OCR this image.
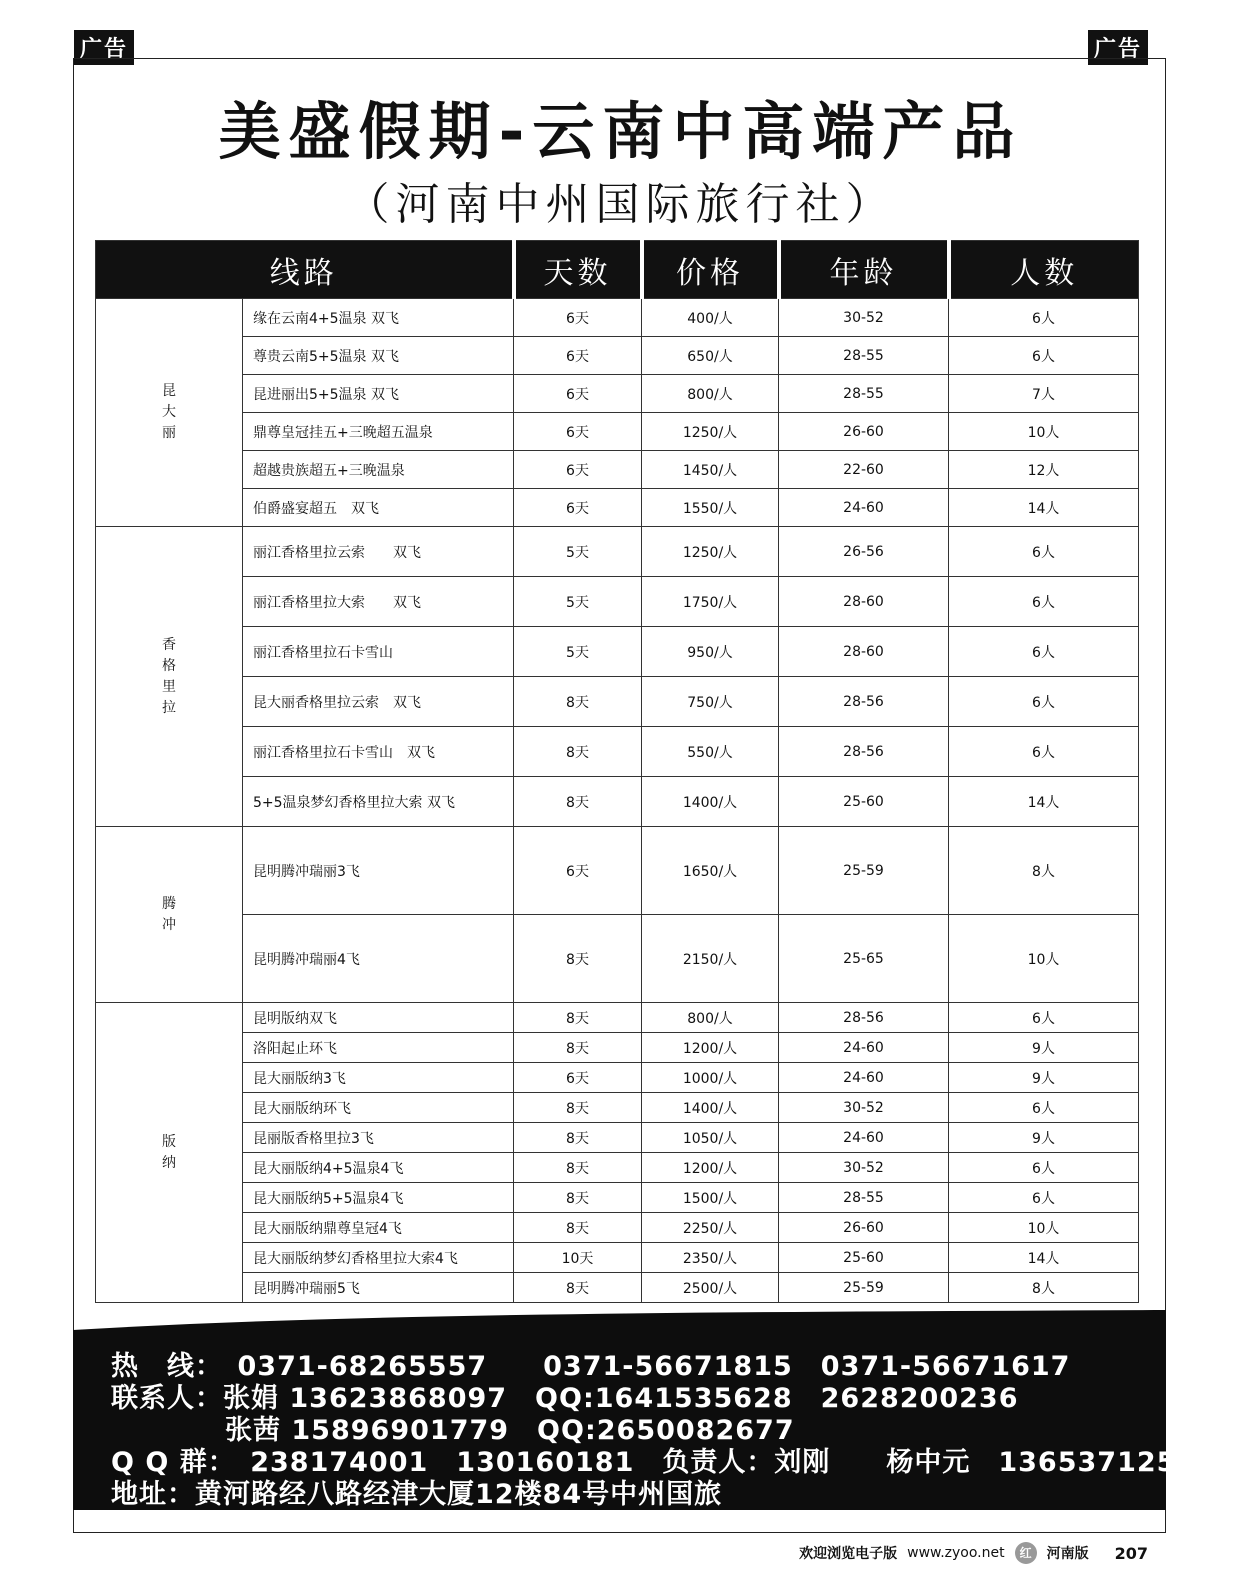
广告	广告
美盛假期-云南中高端产品
（河南中州国际旅行社）
线路		天数	价格	年龄	人数
昆大丽	缘在云南4+5温泉 双飞	6天	400/人	30-52	6人
	尊贵云南5+5温泉 双飞	6天	650/人	28-55	6人
	昆进丽出5+5温泉 双飞	6天	800/人	28-55	7人
	鼎尊皇冠挂五+三晚超五温泉	6天	1250/人	26-60	10人
	超越贵族超五+三晚温泉	6天	1450/人	22-60	12人
	伯爵盛宴超五　双飞	6天	1550/人	24-60	14人
香格里拉	丽江香格里拉云索　　双飞	5天	1250/人	26-56	6人
	丽江香格里拉大索　　双飞	5天	1750/人	28-60	6人
	丽江香格里拉石卡雪山	5天	950/人	28-60	6人
	昆大丽香格里拉云索　双飞	8天	750/人	28-56	6人
	丽江香格里拉石卡雪山　双飞	8天	550/人	28-56	6人
	5+5温泉梦幻香格里拉大索 双飞	8天	1400/人	25-60	14人
腾冲	昆明腾冲瑞丽3飞	6天	1650/人	25-59	8人
	昆明腾冲瑞丽4飞	8天	2150/人	25-65	10人
版纳	昆明版纳双飞	8天	800/人	28-56	6人
	洛阳起止环飞	8天	1200/人	24-60	9人
	昆大丽版纳3飞	6天	1000/人	24-60	9人
	昆大丽版纳环飞	8天	1400/人	30-52	6人
	昆丽版香格里拉3飞	8天	1050/人	24-60	9人
	昆大丽版纳4+5温泉4飞	8天	1200/人	30-52	6人
	昆大丽版纳5+5温泉4飞	8天	1500/人	28-55	6人
	昆大丽版纳鼎尊皇冠4飞	8天	2250/人	26-60	10人
	昆大丽版纳梦幻香格里拉大索4飞	10天	2350/人	25-60	14人
	昆明腾冲瑞丽5飞	8天	2500/人	25-59	8人
热　线：　0371-68265557　　0371-56671815　0371-56671617
联系人：张娟 13623868097　QQ:1641535628　2628200236
张茜 15896901779　QQ:2650082677
Q Q 群：　238174001　130160181　负责人：刘刚　　杨中元　13653712583
地址：黄河路经八路经津大厦12楼84号中州国旅
欢迎浏览电子版 www.zyoo.net	红	河南版 207
